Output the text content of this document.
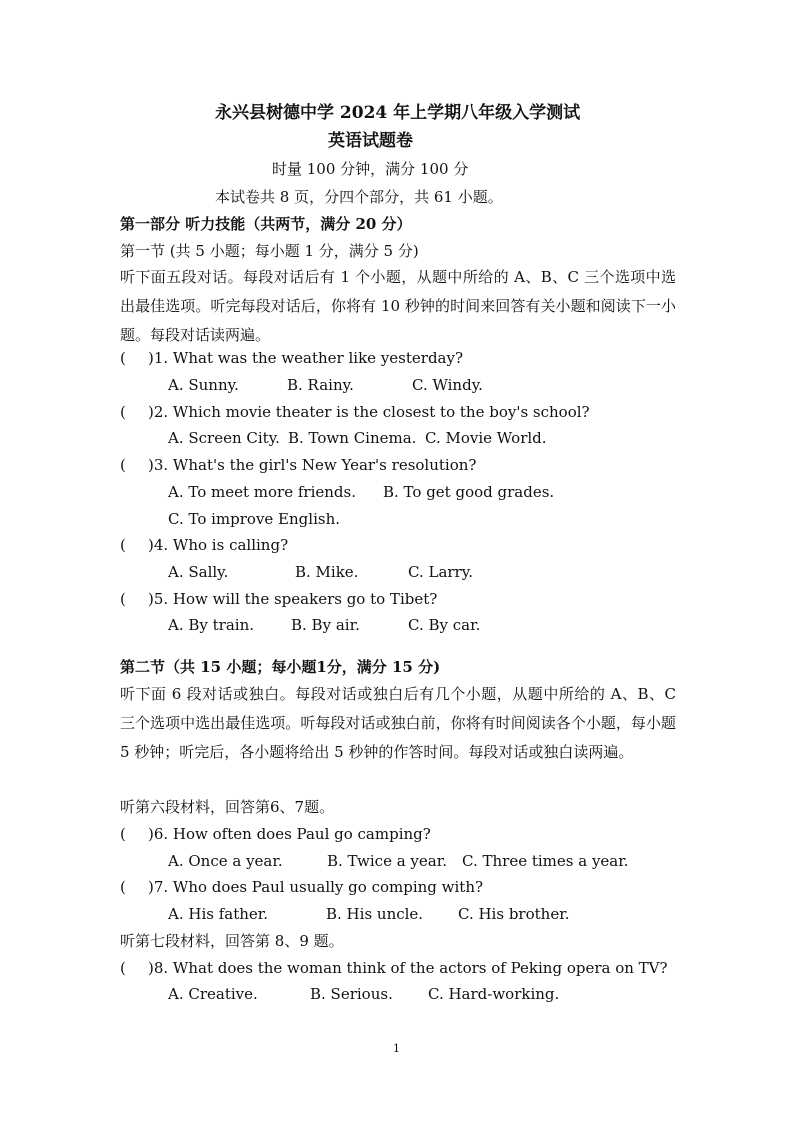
永兴县树德中学 2024 年上学期八年级入学测试
英语试题卷
时量 100 分钟，满分 100 分
本试卷共 8 页，分四个部分，共 61 小题。
第一部分 听力技能（共两节，满分 20 分）
第一节 (共 5 小题；每小题 1 分，满分 5 分)
听下面五段对话。每段对话后有 1 个小题，从题中所给的 A、B、C 三个选项中选出最佳选项。听完每段对话后，你将有 10 秒钟的时间来回答有关小题和阅读下一小题。每段对话读两遍。
( )1. What was the weather like yesterday?
A. Sunny.	B. Rainy.	C. Windy.
( )2. Which movie theater is the closest to the boy's school?
A. Screen City. B. Town Cinema. C. Movie World.
( )3. What's the girl's New Year's resolution?
A. To meet more friends. B. To get good grades.
C. To improve English.
( )4. Who is calling?
A. Sally.	B. Mike.	C. Larry.
( )5. How will the speakers go to Tibet?
A. By train. B. By air.	C. By car.
第二节（共 15 小题；每小题1分，满分 15 分)
听下面 6 段对话或独白。每段对话或独白后有几个小题，从题中所给的 A、B、C 三个选项中选出最佳选项。听每段对话或独白前，你将有时间阅读各个小题，每小题 5 秒钟；听完后，各小题将给出 5 秒钟的作答时间。每段对话或独白读两遍。
听第六段材料，回答第6、7题。
( )6. How often does Paul go camping?
A. Once a year.	B. Twice a year. C. Three times a year.
( )7. Who does Paul usually go comping with?
A. His father.	B. His uncle. C. His brother.
听第七段材料，回答第 8、9 题。
( )8. What does the woman think of the actors of Peking opera on TV?
A. Creative.	B. Serious. C. Hard-working.
1
